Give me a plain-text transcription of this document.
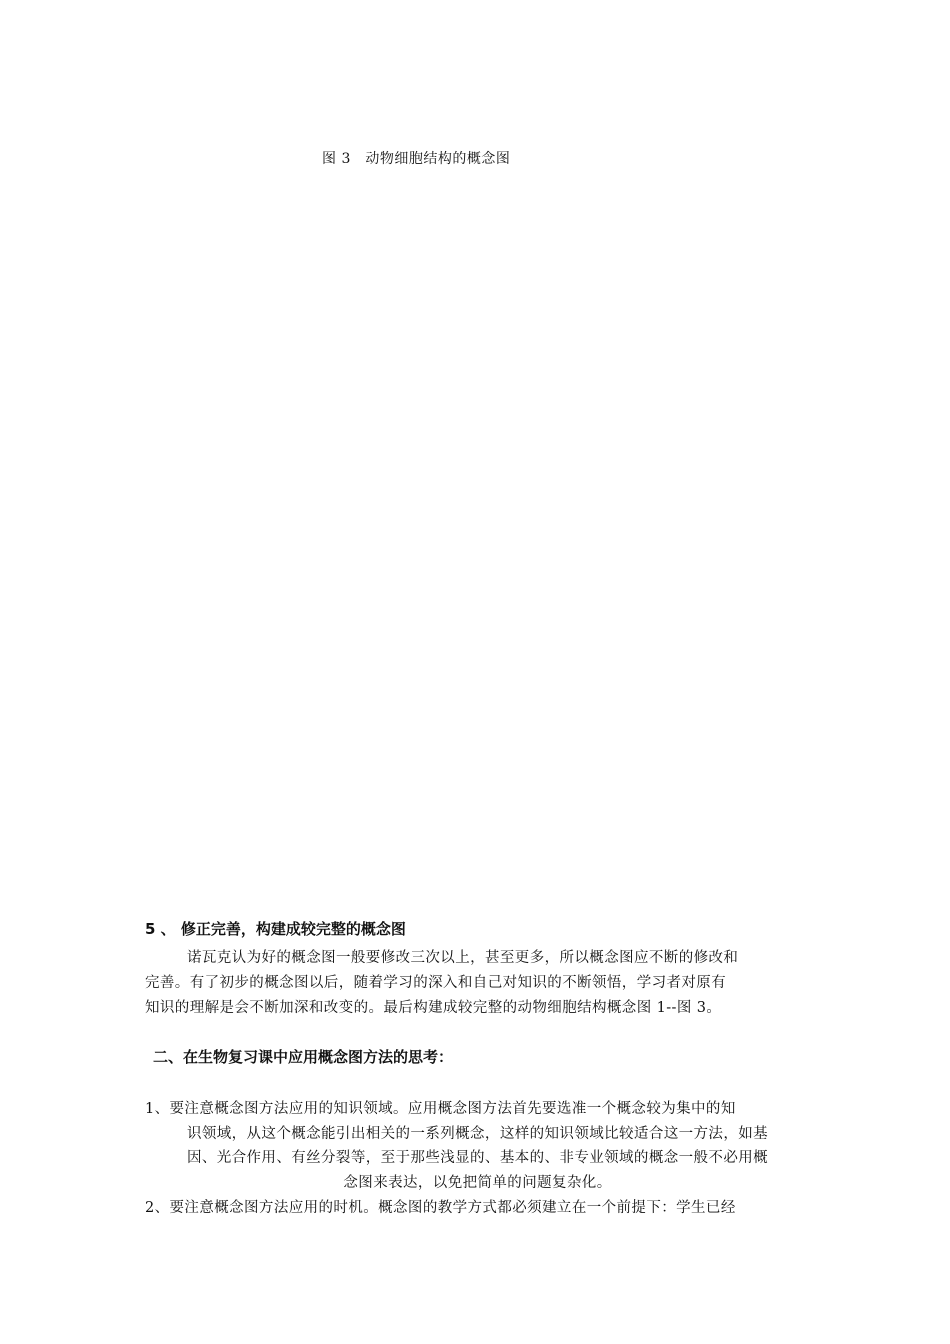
图 3　动物细胞结构的概念图
5 、 修正完善，构建成较完整的概念图
诺瓦克认为好的概念图一般要修改三次以上，甚至更多，所以概念图应不断的修改和
完善。有了初步的概念图以后，随着学习的深入和自己对知识的不断领悟，学习者对原有
知识的理解是会不断加深和改变的。最后构建成较完整的动物细胞结构概念图 1--图 3。
二、在生物复习课中应用概念图方法的思考：
1、要注意概念图方法应用的知识领域。应用概念图方法首先要选准一个概念较为集中的知
识领域，从这个概念能引出相关的一系列概念，这样的知识领域比较适合这一方法，如基
因、光合作用、有丝分裂等，至于那些浅显的、基本的、非专业领域的概念一般不必用概
念图来表达，以免把简单的问题复杂化。
2、要注意概念图方法应用的时机。概念图的教学方式都必须建立在一个前提下：学生已经
